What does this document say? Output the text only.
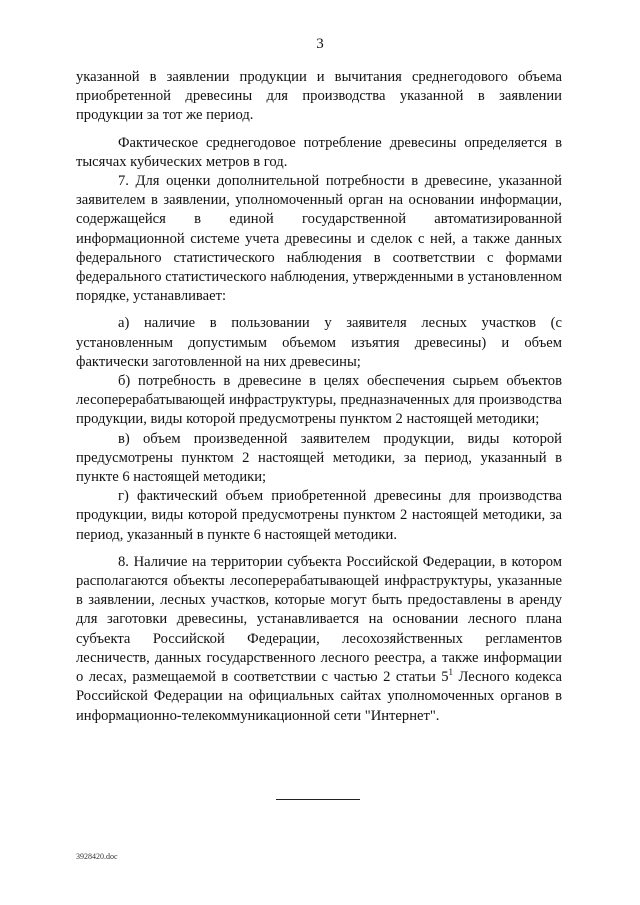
3

указанной в заявлении продукции и вычитания среднегодового объема приобретенной древесины для производства указанной в заявлении продукции за тот же период.

Фактическое среднегодовое потребление древесины определяется в тысячах кубических метров в год.

7. Для оценки дополнительной потребности в древесине, указанной заявителем в заявлении, уполномоченный орган на основании информации, содержащейся в единой государственной автоматизированной информационной системе учета древесины и сделок с ней, а также данных федерального статистического наблюдения в соответствии с формами федерального статистического наблюдения, утвержденными в установленном порядке, устанавливает:

а) наличие в пользовании у заявителя лесных участков (с установленным допустимым объемом изъятия древесины) и объем фактически заготовленной на них древесины;

б) потребность в древесине в целях обеспечения сырьем объектов лесоперерабатывающей инфраструктуры, предназначенных для производства продукции, виды которой предусмотрены пунктом 2 настоящей методики;

в) объем произведенной заявителем продукции, виды которой предусмотрены пунктом 2 настоящей методики, за период, указанный в пункте 6 настоящей методики;

г) фактический объем приобретенной древесины для производства продукции, виды которой предусмотрены пунктом 2 настоящей методики, за период, указанный в пункте 6 настоящей методики.

8. Наличие на территории субъекта Российской Федерации, в котором располагаются объекты лесоперерабатывающей инфраструктуры, указанные в заявлении, лесных участков, которые могут быть предоставлены в аренду для заготовки древесины, устанавливается на основании лесного плана субъекта Российской Федерации, лесохозяйственных регламентов лесничеств, данных государственного лесного реестра, а также информации о лесах, размещаемой в соответствии с частью 2 статьи $5^1$ Лесного кодекса Российской Федерации на официальных сайтах уполномоченных органов в информационно-телекоммуникационной сети "Интернет".

3928420.doc
